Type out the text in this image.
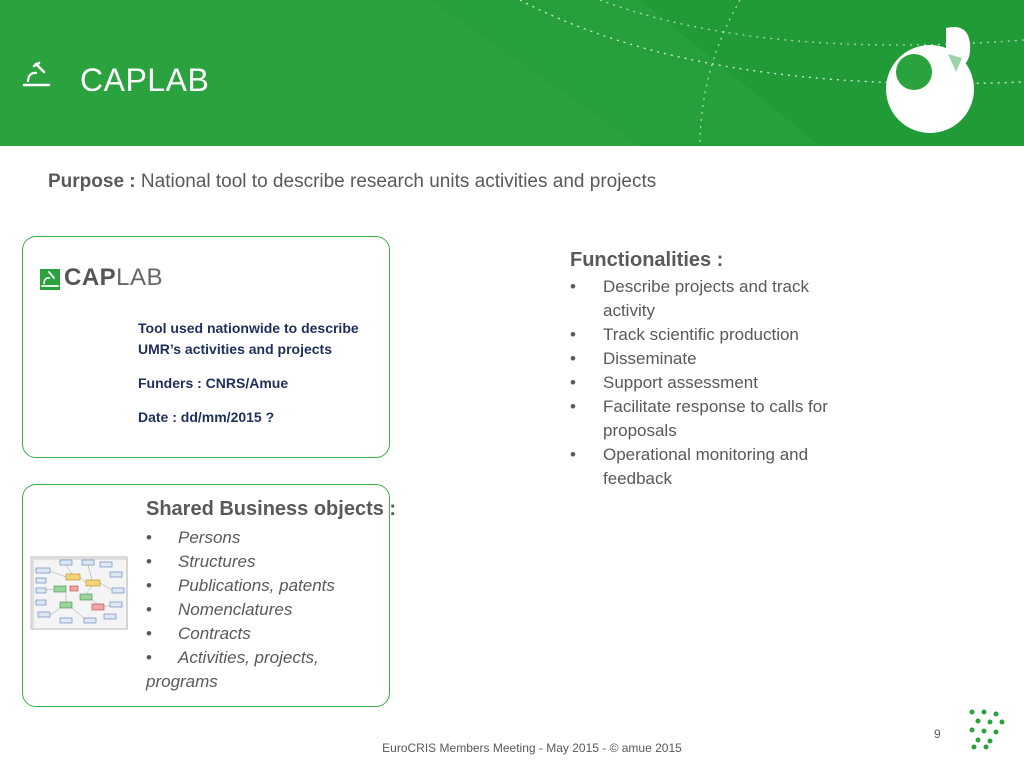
CAPLAB
Purpose : National tool to describe research units activities and projects
CAPLAB
Tool used nationwide to describe
UMR’s activities and projects
Funders : CNRS/Amue
Date : dd/mm/2015 ?
Shared Business objects :
• Persons
• Structures
• Publications, patents
• Nomenclatures
• Contracts
• Activities, projects, programs
Functionalities :
• Describe projects and track activity
• Track scientific production
• Disseminate
• Support assessment
• Facilitate response to calls for proposals
• Operational monitoring and feedback
9
EuroCRIS Members Meeting - May 2015 - © amue 2015
